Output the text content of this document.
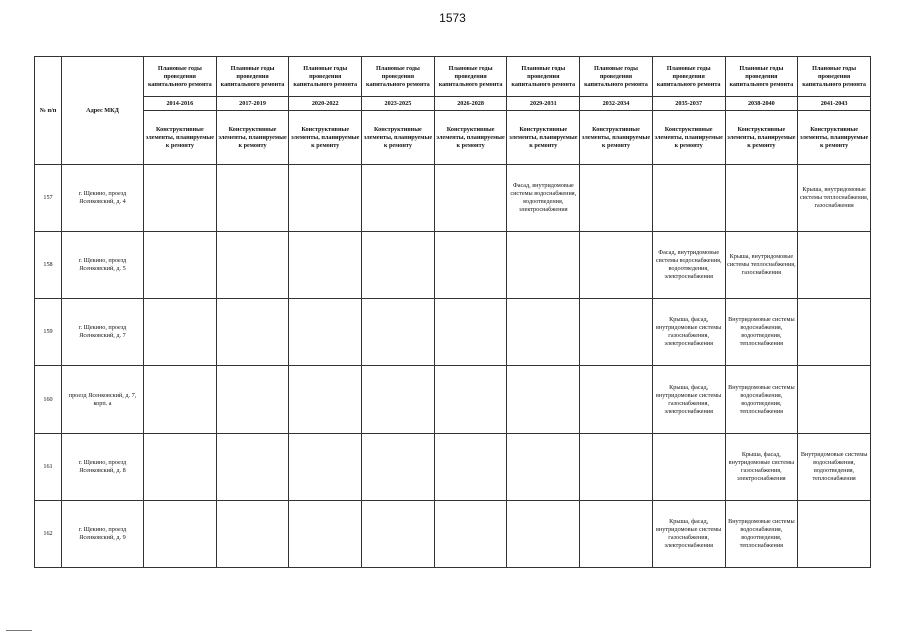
1573
№ п/п	Адрес МКД	Плановые годы проведения капитального ремонта	Плановые годы проведения капитального ремонта	Плановые годы проведения капитального ремонта	Плановые годы проведения капитального ремонта	Плановые годы проведения капитального ремонта	Плановые годы проведения капитального ремонта	Плановые годы проведения капитального ремонта	Плановые годы проведения капитального ремонта	Плановые годы проведения капитального ремонта	Плановые годы проведения капитального ремонта
		2014-2016	2017-2019	2020-2022	2023-2025	2026-2028	2029-2031	2032-2034	2035-2037	2038-2040	2041-2043
		Конструктивные элементы, планируемые к ремонту	Конструктивные элементы, планируемые к ремонту	Конструктивные элементы, планируемые к ремонту	Конструктивные элементы, планируемые к ремонту	Конструктивные элементы, планируемые к ремонту	Конструктивные элементы, планируемые к ремонту	Конструктивные элементы, планируемые к ремонту	Конструктивные элементы, планируемые к ремонту	Конструктивные элементы, планируемые к ремонту	Конструктивные элементы, планируемые к ремонту
157	г. Щекино, проезд Ясенковский, д. 4						Фасад, внутридомовые системы водоснабжения, водоотведения, электроснабжения				Крыша, внутридомовые системы теплоснабжения, газоснабжения
158	г. Щекино, проезд Ясенковский, д. 5								Фасад, внутридомовые системы водоснабжения, водоотведения, электроснабжения	Крыша, внутридомовые системы теплоснабжения, газоснабжения	
159	г. Щекино, проезд Ясенковский, д. 7								Крыша, фасад, внутридомовые системы газоснабжения, электроснабжения	Внутридомовые системы водоснабжения, водоотведения, теплоснабжения	
160	проезд Ясенковский, д. 7, корп. а								Крыша, фасад, внутридомовые системы газоснабжения, электроснабжения	Внутридомовые системы водоснабжения, водоотведения, теплоснабжения	
161	г. Щекино, проезд Ясенковский, д. 8									Крыша, фасад, внутридомовые системы газоснабжения, электроснабжения	Внутридомовые системы водоснабжения, водоотведения, теплоснабжения
162	г. Щекино, проезд Ясенковский, д. 9								Крыша, фасад, внутридомовые системы газоснабжения, электроснабжения	Внутридомовые системы водоснабжения, водоотведения, теплоснабжения	
